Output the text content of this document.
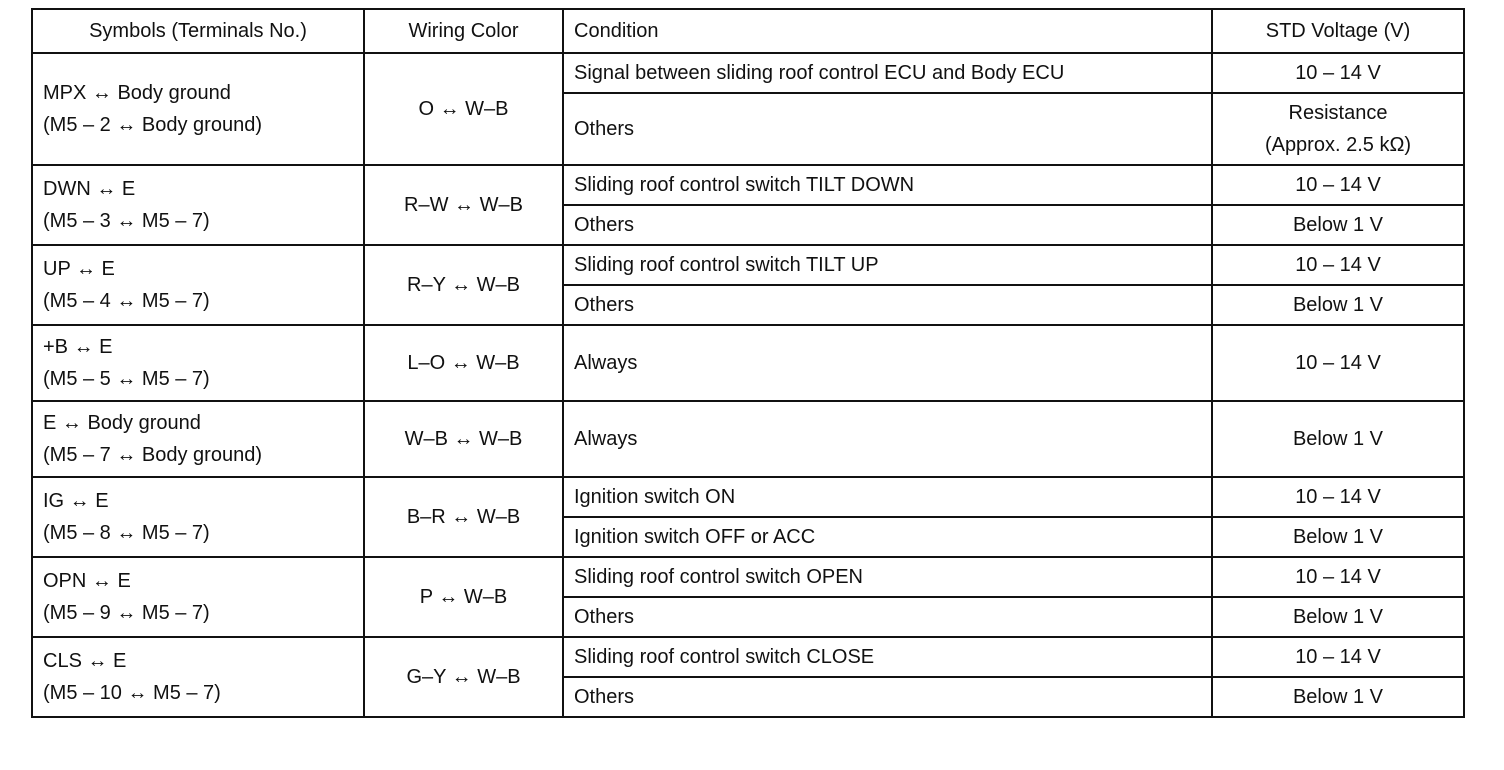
Symbols (Terminals No.)	Wiring Color	Condition	STD Voltage (V)

MPX ↔ Body ground
(M5 – 2 ↔ Body ground)	O ↔ W–B	Signal between sliding roof control ECU and Body ECU	10 – 14 V
		Others	Resistance
(Approx. 2.5 kΩ)

DWN ↔ E
(M5 – 3 ↔ M5 – 7)	R–W ↔ W–B	Sliding roof control switch TILT DOWN	10 – 14 V
		Others	Below 1 V

UP ↔ E
(M5 – 4 ↔ M5 – 7)	R–Y ↔ W–B	Sliding roof control switch TILT UP	10 – 14 V
		Others	Below 1 V

+B ↔ E
(M5 – 5 ↔ M5 – 7)	L–O ↔ W–B	Always	10 – 14 V

E ↔ Body ground
(M5 – 7 ↔ Body ground)	W–B ↔ W–B	Always	Below 1 V

IG ↔ E
(M5 – 8 ↔ M5 – 7)	B–R ↔ W–B	Ignition switch ON	10 – 14 V
		Ignition switch OFF or ACC	Below 1 V

OPN ↔ E
(M5 – 9 ↔ M5 – 7)	P ↔ W–B	Sliding roof control switch OPEN	10 – 14 V
		Others	Below 1 V

CLS ↔ E
(M5 – 10 ↔ M5 – 7)	G–Y ↔ W–B	Sliding roof control switch CLOSE	10 – 14 V
		Others	Below 1 V
